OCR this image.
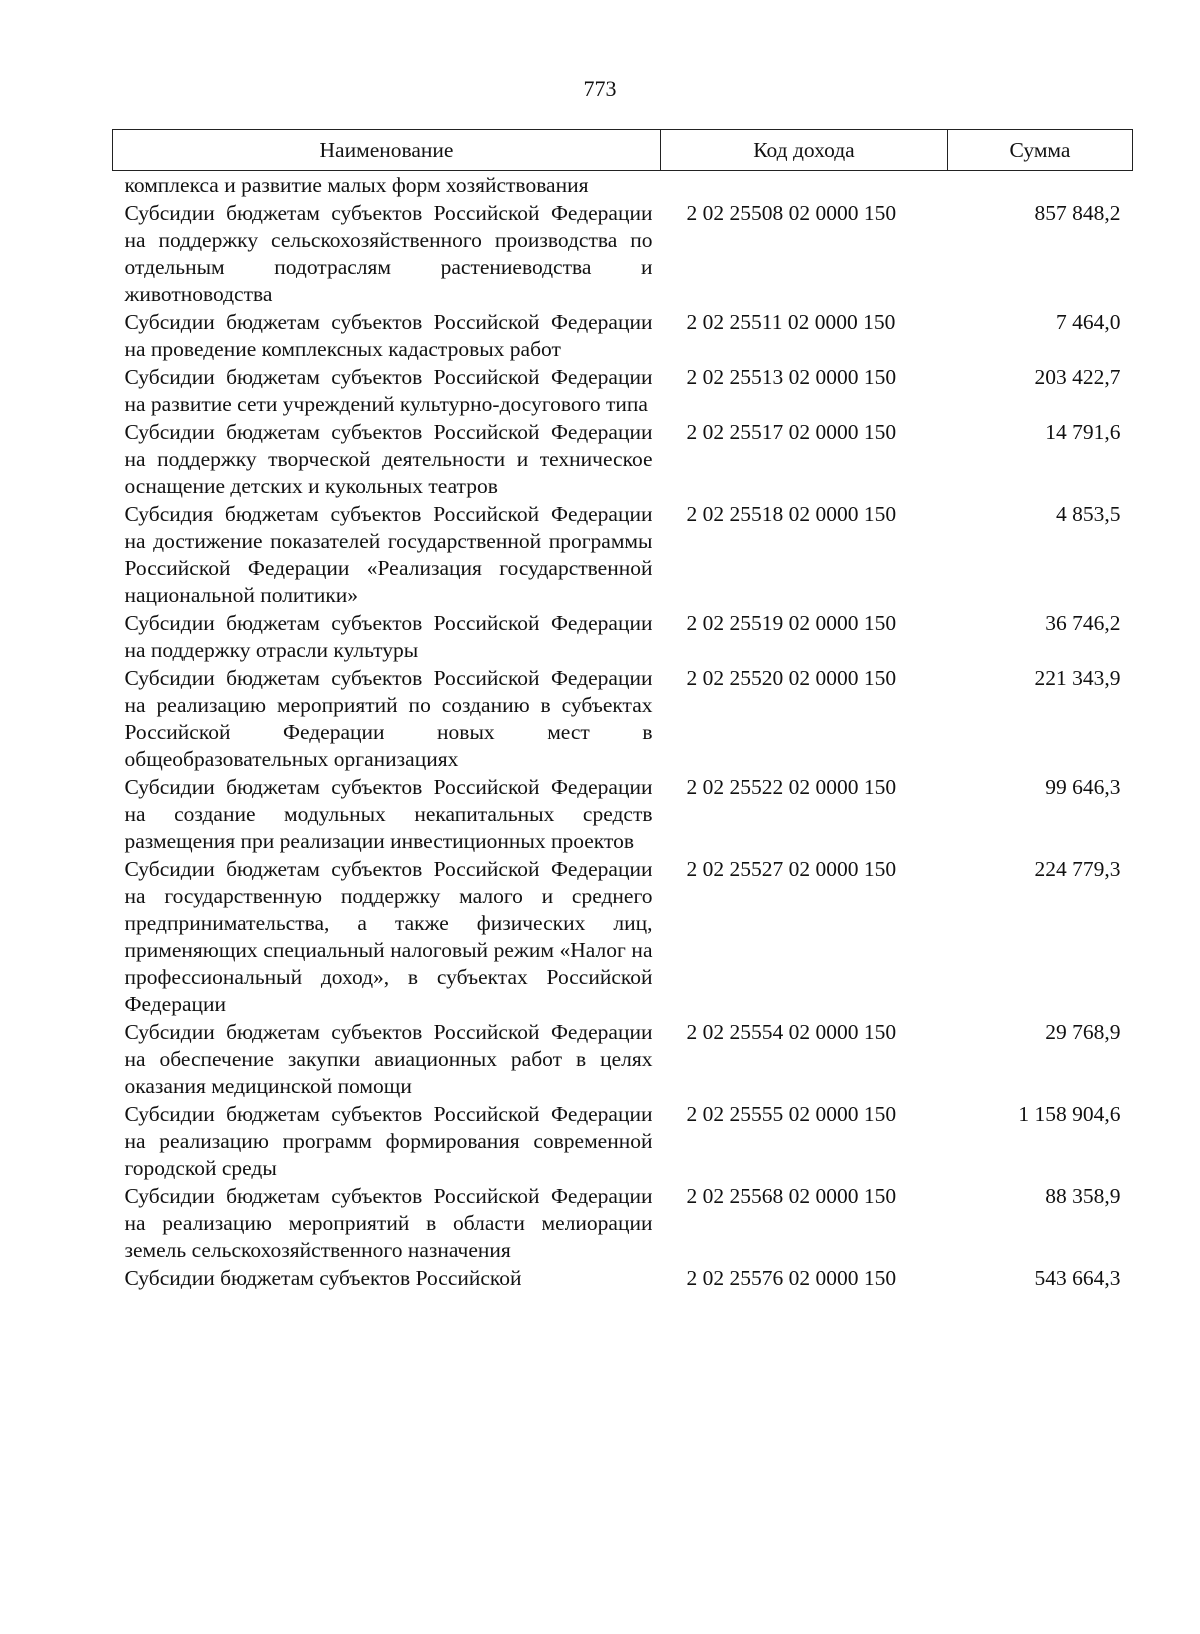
773
Наименование	Код дохода	Сумма
комплекса и развитие малых форм хозяйствования		
Субсидии бюджетам субъектов Российской Федерации на поддержку сельскохозяйственного производства по отдельным подотраслям растениеводства и животноводства	2 02 25508 02 0000 150	857 848,2
Субсидии бюджетам субъектов Российской Федерации на проведение комплексных кадастровых работ	2 02 25511 02 0000 150	7 464,0
Субсидии бюджетам субъектов Российской Федерации на развитие сети учреждений культурно-досугового типа	2 02 25513 02 0000 150	203 422,7
Субсидии бюджетам субъектов Российской Федерации на поддержку творческой деятельности и техническое оснащение детских и кукольных театров	2 02 25517 02 0000 150	14 791,6
Субсидия бюджетам субъектов Российской Федерации на достижение показателей государственной программы Российской Федерации «Реализация государственной национальной политики»	2 02 25518 02 0000 150	4 853,5
Субсидии бюджетам субъектов Российской Федерации на поддержку отрасли культуры	2 02 25519 02 0000 150	36 746,2
Субсидии бюджетам субъектов Российской Федерации на реализацию мероприятий по созданию в субъектах Российской Федерации новых мест в общеобразовательных организациях	2 02 25520 02 0000 150	221 343,9
Субсидии бюджетам субъектов Российской Федерации на создание модульных некапитальных средств размещения при реализации инвестиционных проектов	2 02 25522 02 0000 150	99 646,3
Субсидии бюджетам субъектов Российской Федерации на государственную поддержку малого и среднего предпринимательства, а также физических лиц, применяющих специальный налоговый режим «Налог на профессиональный доход», в субъектах Российской Федерации	2 02 25527 02 0000 150	224 779,3
Субсидии бюджетам субъектов Российской Федерации на обеспечение закупки авиационных работ в целях оказания медицинской помощи	2 02 25554 02 0000 150	29 768,9
Субсидии бюджетам субъектов Российской Федерации на реализацию программ формирования современной городской среды	2 02 25555 02 0000 150	1 158 904,6
Субсидии бюджетам субъектов Российской Федерации на реализацию мероприятий в области мелиорации земель сельскохозяйственного назначения	2 02 25568 02 0000 150	88 358,9
Субсидии бюджетам субъектов Российской	2 02 25576 02 0000 150	543 664,3
